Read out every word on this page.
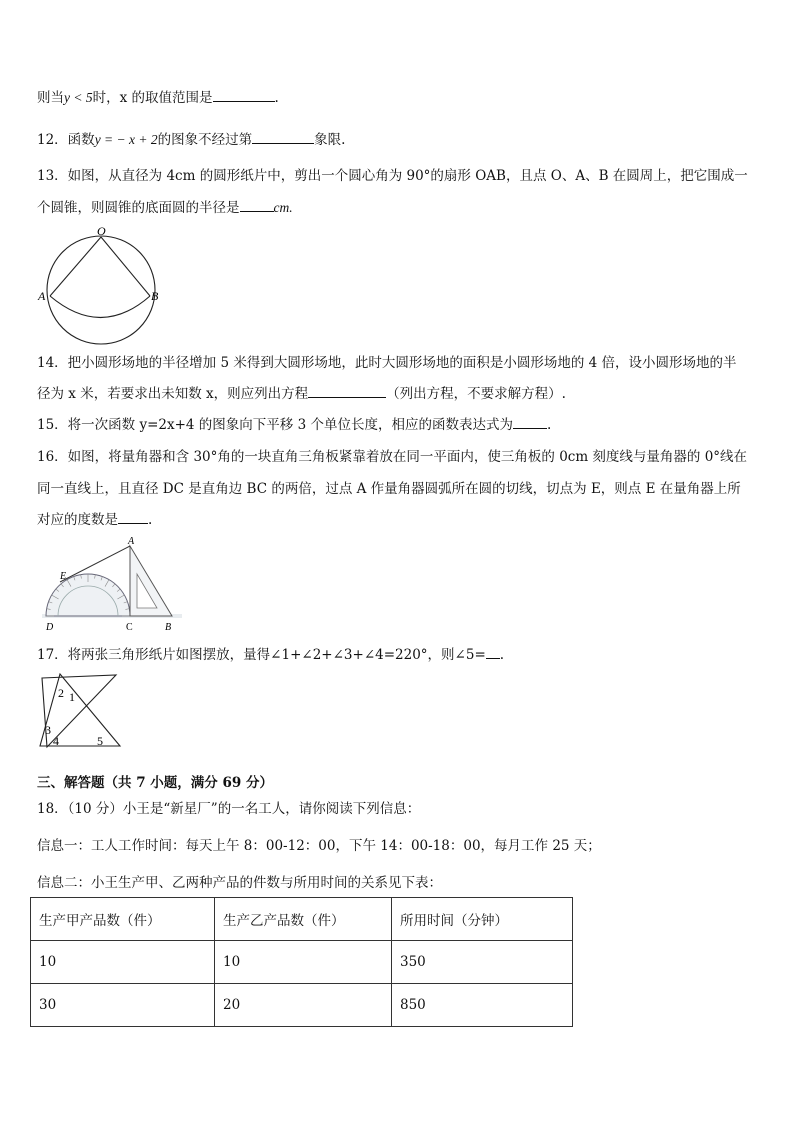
则当y < 5时，x 的取值范围是	.
12．函数y = − x + 2的图象不经过第	象限.
13．如图，从直径为 4cm 的圆形纸片中，剪出一个圆心角为 90°的扇形 OAB，且点 O、A、B 在圆周上，把它围成一
个圆锥，则圆锥的底面圆的半径是	cm.
O
A	B
14．把小圆形场地的半径增加 5 米得到大圆形场地，此时大圆形场地的面积是小圆形场地的 4 倍，设小圆形场地的半
径为 x 米，若要求出未知数 x，则应列出方程	（列出方程，不要求解方程）.
15．将一次函数 y=2x+4 的图象向下平移 3 个单位长度，相应的函数表达式为	.
16．如图，将量角器和含 30°角的一块直角三角板紧靠着放在同一平面内，使三角板的 0cm 刻度线与量角器的 0°线在
同一直线上，且直径 DC 是直角边 BC 的两倍，过点 A 作量角器圆弧所在圆的切线，切点为 E，则点 E 在量角器上所
对应的度数是 .
A
E
D	C	B
17．将两张三角形纸片如图摆放，量得∠1+∠2+∠3+∠4=220°，则∠5= .
2 1
3
4	5
三、解答题（共 7 小题，满分 69 分）
18．（10 分）小王是“新星厂”的一名工人，请你阅读下列信息：
信息一：工人工作时间：每天上午 8：00-12：00，下午 14：00-18：00，每月工作 25 天；
信息二：小王生产甲、乙两种产品的件数与所用时间的关系见下表：
生产甲产品数（件）	生产乙产品数（件）	所用时间（分钟）
10	10	350
30	20	850
